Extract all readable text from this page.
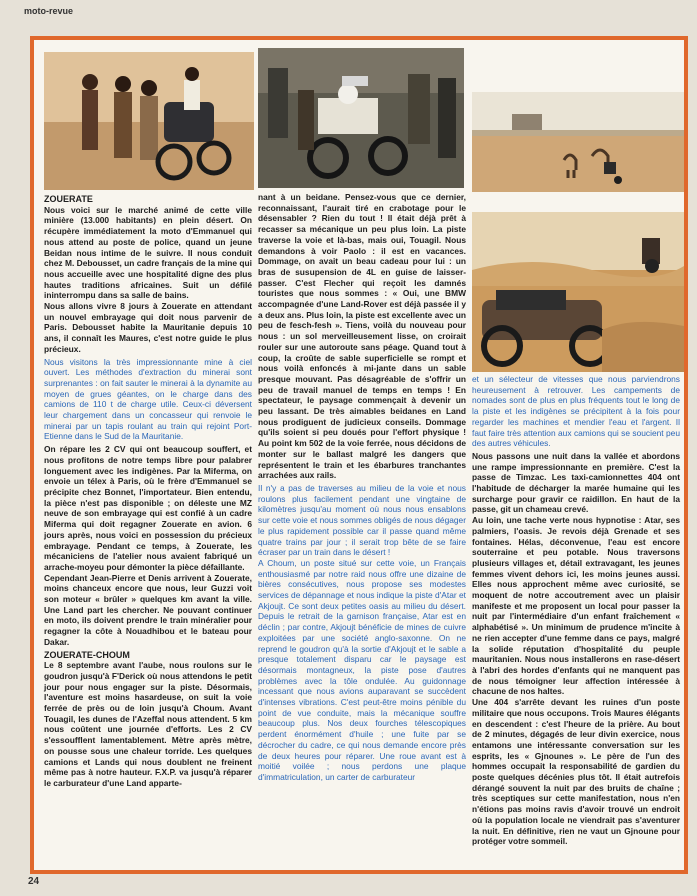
moto-revue

ZOUERATE

Nous voici sur le marché animé de cette ville minière (13.000 habitants) en plein désert. On récupère immédiatement la moto d'Emmanuel qui nous attend au poste de police, quand un jeune Beidan nous intime de le suivre. Il nous conduit chez M. Debousset, un cadre français de la mine qui nous accueille avec une hospitalité digne des plus hautes traditions africaines. Suit un défilé ininterrompu dans sa salle de bains.

Nous allons vivre 8 jours à Zouerate en attendant un nouvel embrayage qui doit nous parvenir de Paris. Debousset habite la Mauritanie depuis 10 ans, il connaît les Maures, c'est notre guide le plus précieux.

Nous visitons la très impressionnante mine à ciel ouvert. Les méthodes d'extraction du minerai sont surprenantes : on fait sauter le minerai à la dynamite au moyen de grues géantes, on le charge dans des camions de 110 t de charge utile. Ceux-ci déversent leur chargement dans un concasseur qui renvoie le minerai par un tapis roulant au train qui rejoint Port-Etienne dans le Sud de la Mauritanie.

On répare les 2 CV qui ont beaucoup souffert, et nous profitons de notre temps libre pour palabrer longuement avec les indigènes. Par la Miferma, on envoie un télex à Paris, où le frère d'Emmanuel se précipite chez Bonnet, l'importateur. Bien entendu, la pièce n'est pas disponible ; on déleste une MZ neuve de son embrayage qui est confié à un cadre Miferma qui doit regagner Zouerate en avion. 6 jours après, nous voici en possession du précieux embrayage. Pendant ce temps, à Zouerate, les mécaniciens de l'atelier nous avaient fabriqué un arrache-moyeu pour démonter la pièce défaillante.

Cependant Jean-Pierre et Denis arrivent à Zouerate, moins chanceux encore que nous, leur Guzzi voit son moteur « brûler » quelques km avant la ville. Une Land part les chercher. Ne pouvant continuer en moto, ils doivent prendre le train minéralier pour regagner la côte à Nouadhibou et le bateau pour Dakar.

ZOUERATE-CHOUM

Le 8 septembre avant l'aube, nous roulons sur le goudron jusqu'à F'Derick où nous attendons le petit jour pour nous engager sur la piste. Désormais, l'aventure est moins hasardeuse, on suit la voie ferrée de près ou de loin jusqu'à Choum. Avant Touagil, les dunes de l'Azeffal nous attendent. 5 km nous coûtent une journée d'efforts. Les 2 CV s'essoufflent lamentablement. Mètre après mètre, on pousse sous une chaleur torride. Les quelques camions et Lands qui nous doublent ne freinent même pas à notre hauteur. F.X.P. va jusqu'à réparer le carburateur d'une Land apparte-

nant à un beidane. Pensez-vous que ce dernier, reconnaissant, l'aurait tiré en crabotage pour le désensabler ? Rien du tout ! Il était déjà prêt à recasser sa mécanique un peu plus loin. La piste traverse la voie et là-bas, mais oui, Touagil. Nous demandons à voir Paolo : il est en vacances. Dommage, on avait un beau cadeau pour lui : un bras de susupension de 4L en guise de laisser-passer. C'est Flecher qui reçoit les damnés touristes que nous sommes : « Oui, une BMW accompagnée d'une Land-Rover est déjà passée il y a deux ans. Plus loin, la piste est excellente avec un peu de fesch-fesh ». Tiens, voilà du nouveau pour nous : un sol merveilleusement lisse, on croirait rouler sur une autoroute sans péage. Quand tout à coup, la croûte de sable superficielle se rompt et nous voilà enfoncés à mi-jante dans un sable presque mouvant. Pas désagréable de s'offrir un peu de travail manuel de temps en temps ! En spectateur, le paysage commençait à devenir un peu lassant. De très aimables beidanes en Land nous prodiguent de judicieux conseils. Dommage qu'ils soient si peu doués pour l'effort physique ! Au point km 502 de la voie ferrée, nous décidons de monter sur le ballast malgré les dangers que représentent le train et les ébarbures tranchantes arrachées aux rails.

Il n'y a pas de traverses au milieu de la voie et nous roulons plus facilement pendant une vingtaine de kilomètres jusqu'au moment où nous nous ensablons sur cette voie et nous sommes obligés de nous dégager le plus rapidement possible car il passe quand même quatre trains par jour ; il serait trop bête de se faire écraser par un train dans le désert !

A Choum, un poste situé sur cette voie, un Français enthousiasmé par notre raid nous offre une dizaine de bières consécutives, nous propose ses modestes services de dépannage et nous indique la piste d'Atar et Akjoujt. Ce sont deux petites oasis au milieu du désert. Depuis le retrait de la garnison française, Atar est en déclin ; par contre, Akjoujt bénéficie de mines de cuivre exploitées par une société anglo-saxonne. On ne reprend le goudron qu'à la sortie d'Akjoujt et le sable a presque totalement disparu car le paysage est désormais montagneux, la piste pose d'autres problèmes avec la tôle ondulée. Au guidonnage incessant que nous avions auparavant se succèdent d'intenses vibrations. C'est peut-être moins pénible du point de vue conduite, mais la mécanique souffre beaucoup plus. Nos deux fourches télescopiques perdent énormément d'huile ; une fuite par se décrocher du cadre, ce qui nous demande encore près de deux heures pour réparer. Une roue avant est à moitié voilée ; nous perdons une plaque d'immatriculation, un carter de carburateur

et un sélecteur de vitesses que nous parviendrons heureusement à retrouver. Les campements de nomades sont de plus en plus fréquents tout le long de la piste et les indigènes se précipitent à la fois pour regarder les machines et mendier l'eau et l'argent. Il faut faire très attention aux camions qui se soucient peu des autres véhicules.

Nous passons une nuit dans la vallée et abordons une rampe impressionnante en première. C'est la passe de Timzac. Les taxi-camionnettes 404 ont l'habitude de décharger la marée humaine qui les surcharge pour gravir ce raidillon. En haut de la passe, git un chameau crevé.

Au loin, une tache verte nous hypnotise : Atar, ses palmiers, l'oasis. Je revois déjà Grenade et ses fontaines. Hélas, déconvenue, l'eau est encore souterraine et peu potable. Nous traversons plusieurs villages et, détail extravagant, les jeunes femmes vivent dehors ici, les moins jeunes aussi. Elles nous approchent même avec curiosité, se moquent de notre accoutrement avec un plaisir manifeste et me proposent un local pour passer la nuit par l'intermédiaire d'un enfant fraîchement « alphabétisé ». Un minimum de prudence m'incite à ne rien accepter d'une femme dans ce pays, malgré la solide réputation d'hospitalité du peuple mauritanien. Nous nous installerons en rase-désert à l'abri des hordes d'enfants qui ne manquent pas de nous témoigner leur affection intéressée à chacune de nos haltes.

Une 404 s'arrête devant les ruines d'un poste militaire que nous occupons. Trois Maures élégants en descendent : c'est l'heure de la prière. Au bout de 2 minutes, dégagés de leur divin exercice, nous entamons une intéressante conversation sur les esprits, les « Gjnounes ». Le père de l'un des hommes occupait la responsabilité de gardien du poste quelques décénies plus tôt. Il était autrefois dérangé souvent la nuit par des bruits de chaîne ; très sceptiques sur cette manifestation, nous n'en n'étions pas moins ravis d'avoir trouvé un endroit où la population locale ne viendrait pas s'aventurer la nuit. En définitive, rien ne vaut un Gjnoune pour protéger votre sommeil.

24
